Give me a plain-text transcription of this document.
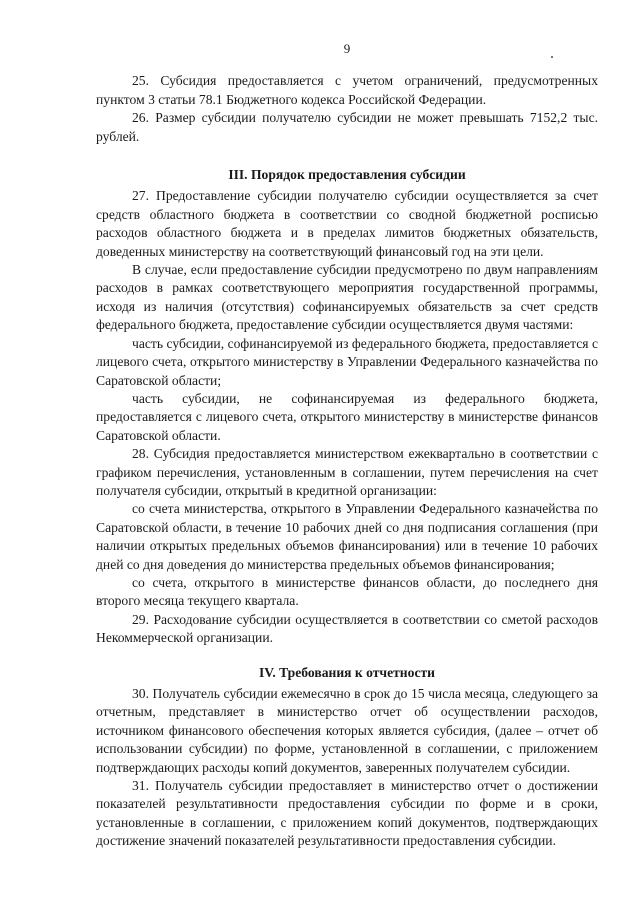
9

25. Субсидия предоставляется с учетом ограничений, предусмотренных пунктом 3 статьи 78.1 Бюджетного кодекса Российской Федерации.

26. Размер субсидии получателю субсидии не может превышать 7152,2 тыс. рублей.

III. Порядок предоставления субсидии

27. Предоставление субсидии получателю субсидии осуществляется за счет средств областного бюджета в соответствии со сводной бюджетной росписью расходов областного бюджета и в пределах лимитов бюджетных обязательств, доведенных министерству на соответствующий финансовый год на эти цели.

В случае, если предоставление субсидии предусмотрено по двум направлениям расходов в рамках соответствующего мероприятия государственной программы, исходя из наличия (отсутствия) софинансируемых обязательств за счет средств федерального бюджета, предоставление субсидии осуществляется двумя частями:

часть субсидии, софинансируемой из федерального бюджета, предоставляется с лицевого счета, открытого министерству в Управлении Федерального казначейства по Саратовской области;

часть субсидии, не софинансируемая из федерального бюджета, предоставляется с лицевого счета, открытого министерству в министерстве финансов Саратовской области.

28. Субсидия предоставляется министерством ежеквартально в соответствии с графиком перечисления, установленным в соглашении, путем перечисления на счет получателя субсидии, открытый в кредитной организации:

со счета министерства, открытого в Управлении Федерального казначейства по Саратовской области, в течение 10 рабочих дней со дня подписания соглашения (при наличии открытых предельных объемов финансирования) или в течение 10 рабочих дней со дня доведения до министерства предельных объемов финансирования;

со счета, открытого в министерстве финансов области, до последнего дня второго месяца текущего квартала.

29. Расходование субсидии осуществляется в соответствии со сметой расходов Некоммерческой организации.

IV. Требования к отчетности

30. Получатель субсидии ежемесячно в срок до 15 числа месяца, следующего за отчетным, представляет в министерство отчет об осуществлении расходов, источником финансового обеспечения которых является субсидия, (далее – отчет об использовании субсидии) по форме, установленной в соглашении, с приложением подтверждающих расходы копий документов, заверенных получателем субсидии.

31. Получатель субсидии предоставляет в министерство отчет о достижении показателей результативности предоставления субсидии по форме и в сроки, установленные в соглашении, с приложением копий документов, подтверждающих достижение значений показателей результативности предоставления субсидии.
